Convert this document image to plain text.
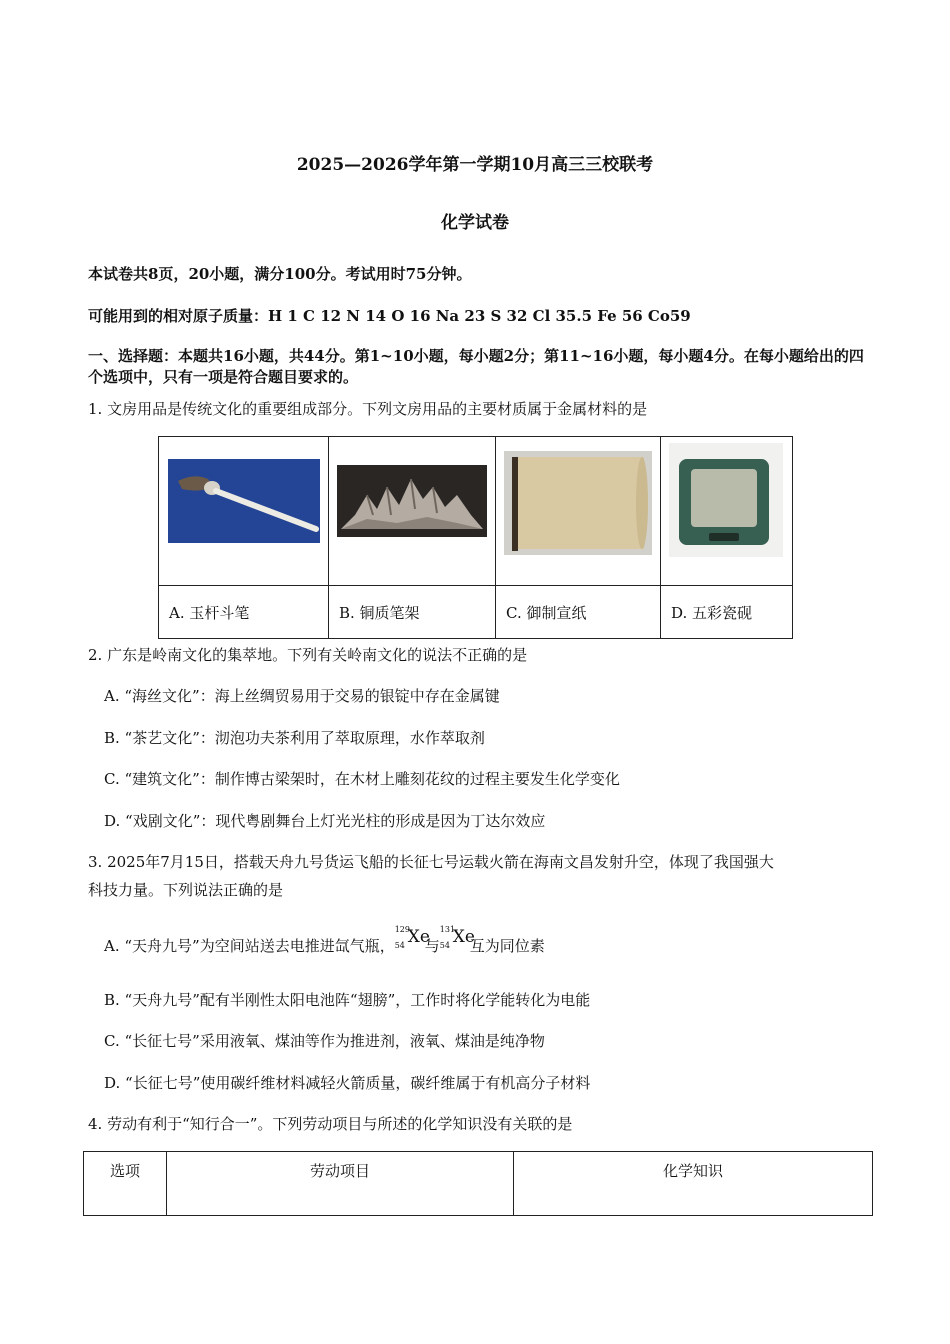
2025—2026学年第一学期10月高三三校联考
化学试卷
本试卷共8页，20小题，满分100分。考试用时75分钟。
可能用到的相对原子质量：H 1 C 12 N 14 O 16 Na 23 S 32 Cl 35.5 Fe 56 Co59
一、选择题：本题共16小题，共44分。第1~10小题，每小题2分；第11~16小题，每小题4分。在每小题给出的四个选项中，只有一项是符合题目要求的。
1. 文房用品是传统文化的重要组成部分。下列文房用品的主要材质属于金属材料的是

A. 玉杆斗笔	B. 铜质笔架	C. 御制宣纸	D. 五彩瓷砚
2. 广东是岭南文化的集萃地。下列有关岭南文化的说法不正确的是
A. “海丝文化”：海上丝绸贸易用于交易的银锭中存在金属键
B. “茶艺文化”：沏泡功夫茶利用了萃取原理，水作萃取剂
C. “建筑文化”：制作博古梁架时，在木材上雕刻花纹的过程主要发生化学变化
D. “戏剧文化”：现代粤剧舞台上灯光光柱的形成是因为丁达尔效应
3. 2025年7月15日，搭载天舟九号货运飞船的长征七号运载火箭在海南文昌发射升空，体现了我国强大
科技力量。下列说法正确的是
A. “天舟九号”为空间站送去电推进氙气瓶，
129
54 Xe
与
131
54 Xe
互为同位素
B. “天舟九号”配有半刚性太阳电池阵“翅膀”，工作时将化学能转化为电能
C. “长征七号”采用液氧、煤油等作为推进剂，液氧、煤油是纯净物
D. “长征七号”使用碳纤维材料减轻火箭质量，碳纤维属于有机高分子材料
4. 劳动有利于“知行合一”。下列劳动项目与所述的化学知识没有关联的是
选项	劳动项目	化学知识
